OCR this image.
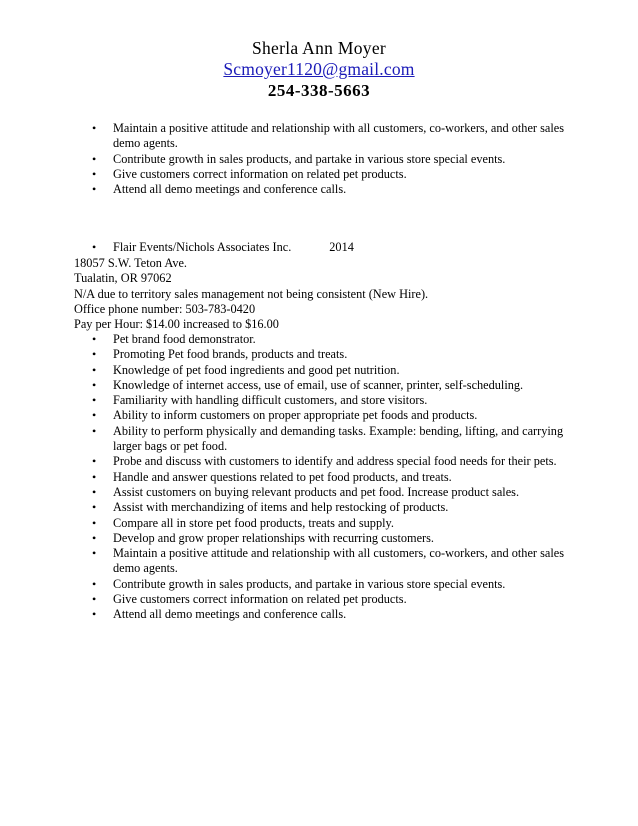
Sherla Ann Moyer
Scmoyer1120@gmail.com
254-338-5663
•	Maintain a positive attitude and relationship with all customers, co-workers, and other sales demo agents.
•	Contribute growth in sales products, and partake in various store special events.
•	Give customers correct information on related pet products.
•	Attend all demo meetings and conference calls.
•	Flair Events/Nichols Associates Inc.	2014
18057 S.W. Teton Ave.
Tualatin, OR 97062
N/A due to territory sales management not being consistent (New Hire).
Office phone number: 503-783-0420
Pay per Hour: $14.00 increased to $16.00
•	Pet brand food demonstrator.
•	Promoting Pet food brands, products and treats.
•	Knowledge of pet food ingredients and good pet nutrition.
•	Knowledge of internet access, use of email, use of scanner, printer, self-scheduling.
•	Familiarity with handling difficult customers, and store visitors.
•	Ability to inform customers on proper appropriate pet foods and products.
•	Ability to perform physically and demanding tasks. Example: bending, lifting, and carrying larger bags or pet food.
•	Probe and discuss with customers to identify and address special food needs for their pets.
•	Handle and answer questions related to pet food products, and treats.
•	Assist customers on buying relevant products and pet food. Increase product sales.
•	Assist with merchandizing of items and help restocking of products.
•	Compare all in store pet food products, treats and supply.
•	Develop and grow proper relationships with recurring customers.
•	Maintain a positive attitude and relationship with all customers, co-workers, and other sales demo agents.
•	Contribute growth in sales products, and partake in various store special events.
•	Give customers correct information on related pet products.
•	Attend all demo meetings and conference calls.
